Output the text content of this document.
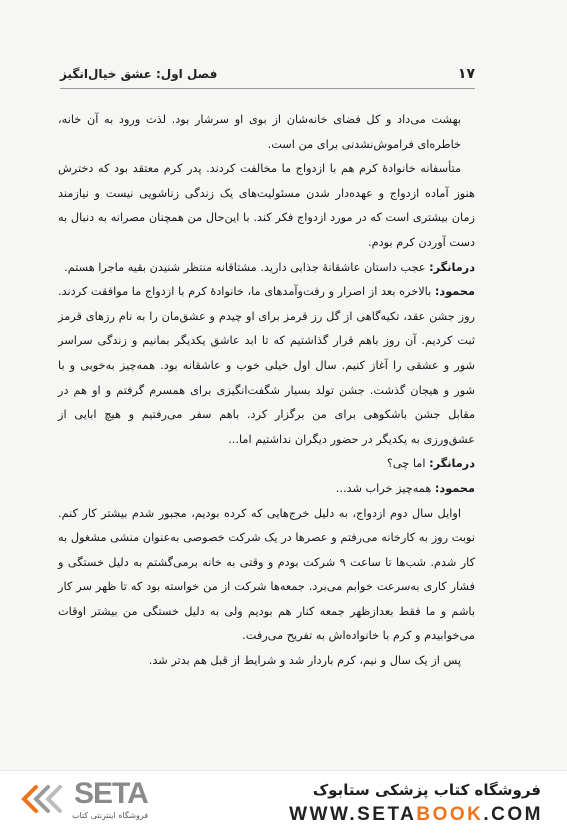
۱۷
فصل اول: عشق خیال‌انگیز

بهشت می‌داد و کل فضای خانه‌شان از بوی او سرشار بود. لذت ورود به آن خانه، خاطره‌ای فراموش‌نشدنی برای من است.

متأسفانه خانوادهٔ کرم هم با ازدواج ما مخالفت کردند. پدر کرم معتقد بود که دخترش هنوز آماده ازدواج و عهده‌دار شدن مسئولیت‌های یک زندگی زناشویی نیست و نیازمند زمان بیشتری است که در مورد ازدواج فکر کند. با این‌حال من همچنان مصرانه به دنبال به دست آوردن کرم بودم.

درمانگر: عجب داستان عاشقانهٔ جذابی دارید. مشتاقانه منتظر شنیدن بقیه ماجرا هستم.

محمود: بالاخره بعد از اصرار و رفت‌وآمدهای ما، خانوادهٔ کرم با ازدواج ما موافقت کردند. روز جشن عقد، تکیه‌گاهی از گل رز قرمز برای او چیدم و عشق‌مان را به نام رزهای قرمز ثبت کردیم. آن روز باهم قرار گذاشتیم که تا ابد عاشق یکدیگر بمانیم و زندگی سراسر شور و عشقی را آغاز کنیم. سال اول خیلی خوب و عاشقانه بود. همه‌چیز به‌خوبی و با شور و هیجان گذشت. جشن تولد بسیار شگفت‌انگیزی برای همسرم گرفتم و او هم در مقابل جشن باشکوهی برای من برگزار کرد. با‌هم سفر می‌رفتیم و هیچ ابایی از عشق‌ورزی به یکدیگر در حضور دیگران نداشتیم اما...

درمانگر: اما چی؟

محمود: همه‌چیز خراب شد...

اوایل سال دوم ازدواج، به دلیل خرج‌هایی که کرده بودیم، مجبور شدم بیشتر کار کنم. نوبت روز به کارخانه می‌رفتم و عصرها در یک شرکت خصوصی به‌عنوان منشی مشغول به کار شدم. شب‌ها تا ساعت ۹ شرکت بودم و وقتی به خانه برمی‌گشتم به دلیل خستگی و فشار کاری به‌سرعت خوابم می‌برد. جمعه‌ها شرکت از من خواسته بود که تا ظهر سر کار باشم و ما فقط بعدازظهر جمعه کنار هم بودیم ولی به دلیل خستگی من بیشتر اوقات می‌خوابیدم و کرم با خانواده‌اش به تفریح می‌رفت.

پس از یک سال و نیم، کرم باردار شد و شرایط از قبل هم بدتر شد.

فروشگاه کتاب پزشکی ستابوک
WWW.SETABOOK.COM
SETA
فروشگاه اینترنتی کتاب
